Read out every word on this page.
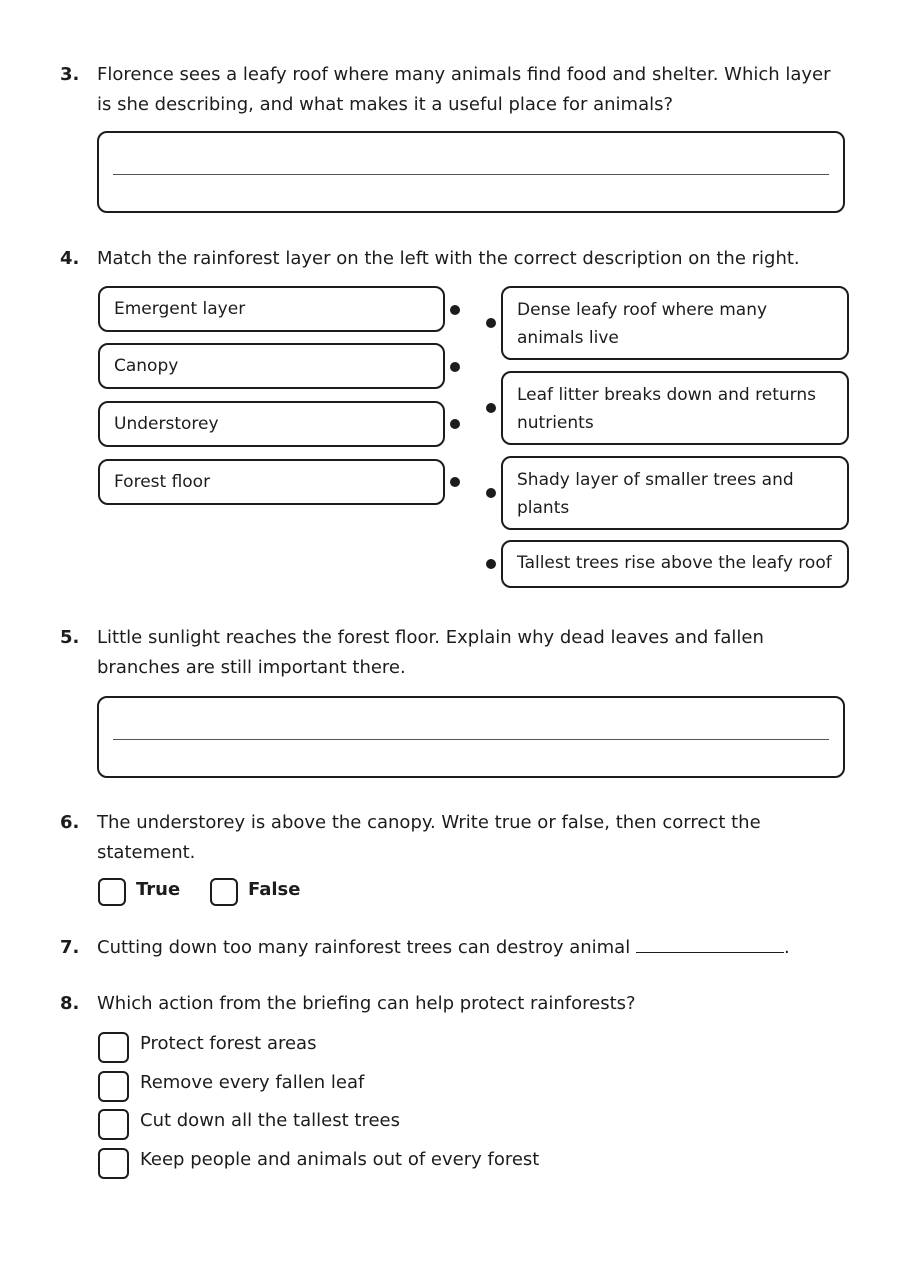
3. Florence sees a leafy roof where many animals find food and shelter. Which layer is she describing, and what makes it a useful place for animals?
4. Match the rainforest layer on the left with the correct description on the right.
Emergent layer
Canopy
Understorey
Forest floor
Dense leafy roof where many animals live
Leaf litter breaks down and returns nutrients
Shady layer of smaller trees and plants
Tallest trees rise above the leafy roof
5. Little sunlight reaches the forest floor. Explain why dead leaves and fallen branches are still important there.
6. The understorey is above the canopy. Write true or false, then correct the statement.
True	False
7. Cutting down too many rainforest trees can destroy animal	.
8. Which action from the briefing can help protect rainforests?
Protect forest areas
Remove every fallen leaf
Cut down all the tallest trees
Keep people and animals out of every forest
